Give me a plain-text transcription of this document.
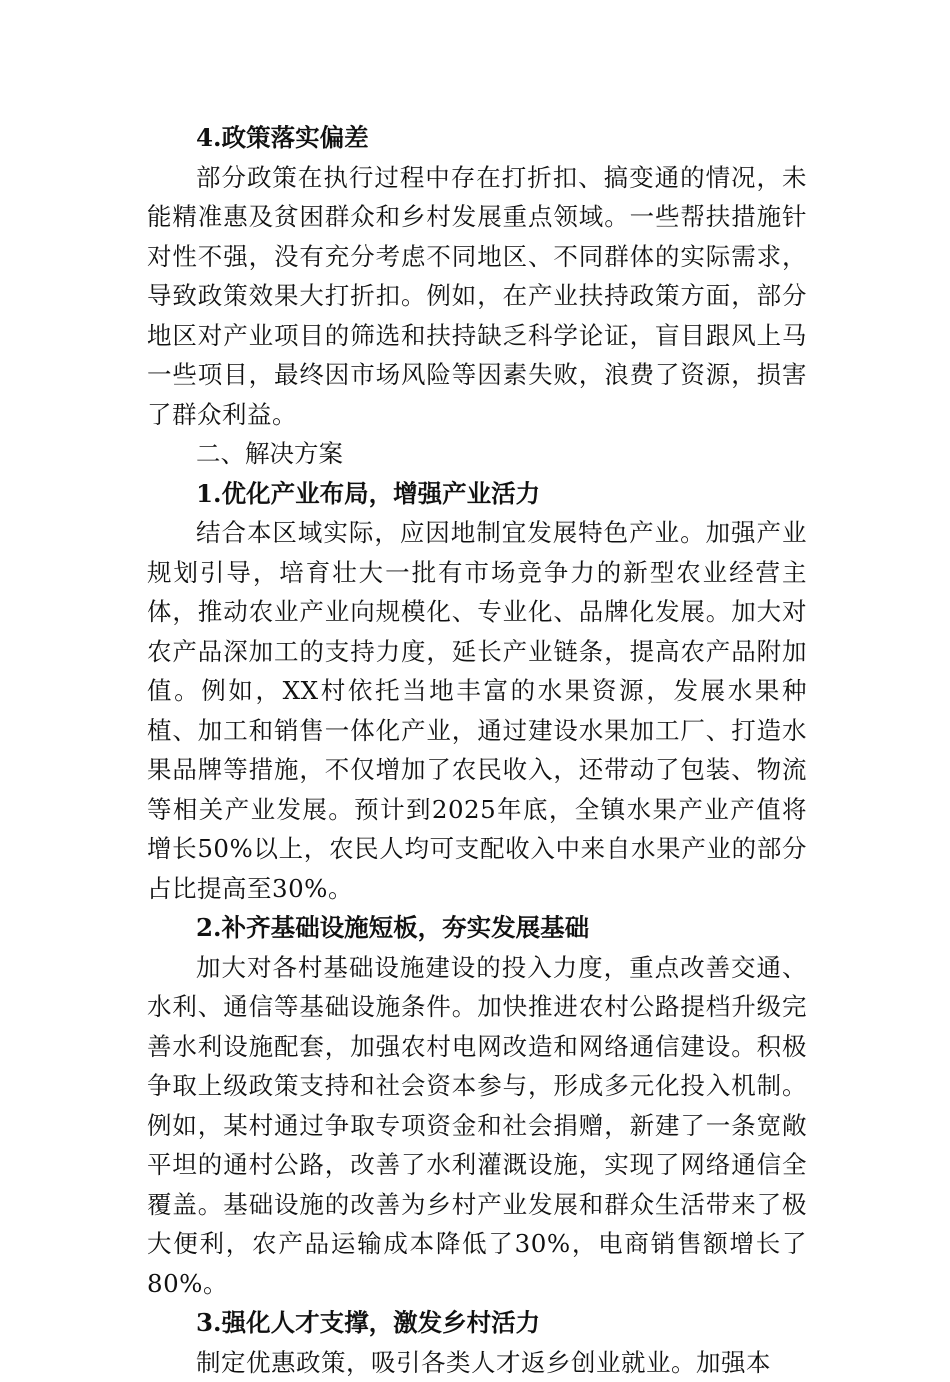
4.政策落实偏差

部分政策在执行过程中存在打折扣、搞变通的情况，未能精准惠及贫困群众和乡村发展重点领域。一些帮扶措施针对性不强，没有充分考虑不同地区、不同群体的实际需求，导致政策效果大打折扣。例如，在产业扶持政策方面，部分地区对产业项目的筛选和扶持缺乏科学论证，盲目跟风上马一些项目，最终因市场风险等因素失败，浪费了资源，损害了群众利益。

二、解决方案

1.优化产业布局，增强产业活力

结合本区域实际，应因地制宜发展特色产业。加强产业规划引导，培育壮大一批有市场竞争力的新型农业经营主体，推动农业产业向规模化、专业化、品牌化发展。加大对农产品深加工的支持力度，延长产业链条，提高农产品附加值。例如，XX村依托当地丰富的水果资源，发展水果种植、加工和销售一体化产业，通过建设水果加工厂、打造水果品牌等措施，不仅增加了农民收入，还带动了包装、物流等相关产业发展。预计到2025年底，全镇水果产业产值将增长50%以上，农民人均可支配收入中来自水果产业的部分占比提高至30%。

2.补齐基础设施短板，夯实发展基础

加大对各村基础设施建设的投入力度，重点改善交通、水利、通信等基础设施条件。加快推进农村公路提档升级完善水利设施配套，加强农村电网改造和网络通信建设。积极争取上级政策支持和社会资本参与，形成多元化投入机制。例如，某村通过争取专项资金和社会捐赠，新建了一条宽敞平坦的通村公路，改善了水利灌溉设施，实现了网络通信全覆盖。基础设施的改善为乡村产业发展和群众生活带来了极大便利，农产品运输成本降低了30%，电商销售额增长了80%。

3.强化人才支撑，激发乡村活力

制定优惠政策，吸引各类人才返乡创业就业。加强本
